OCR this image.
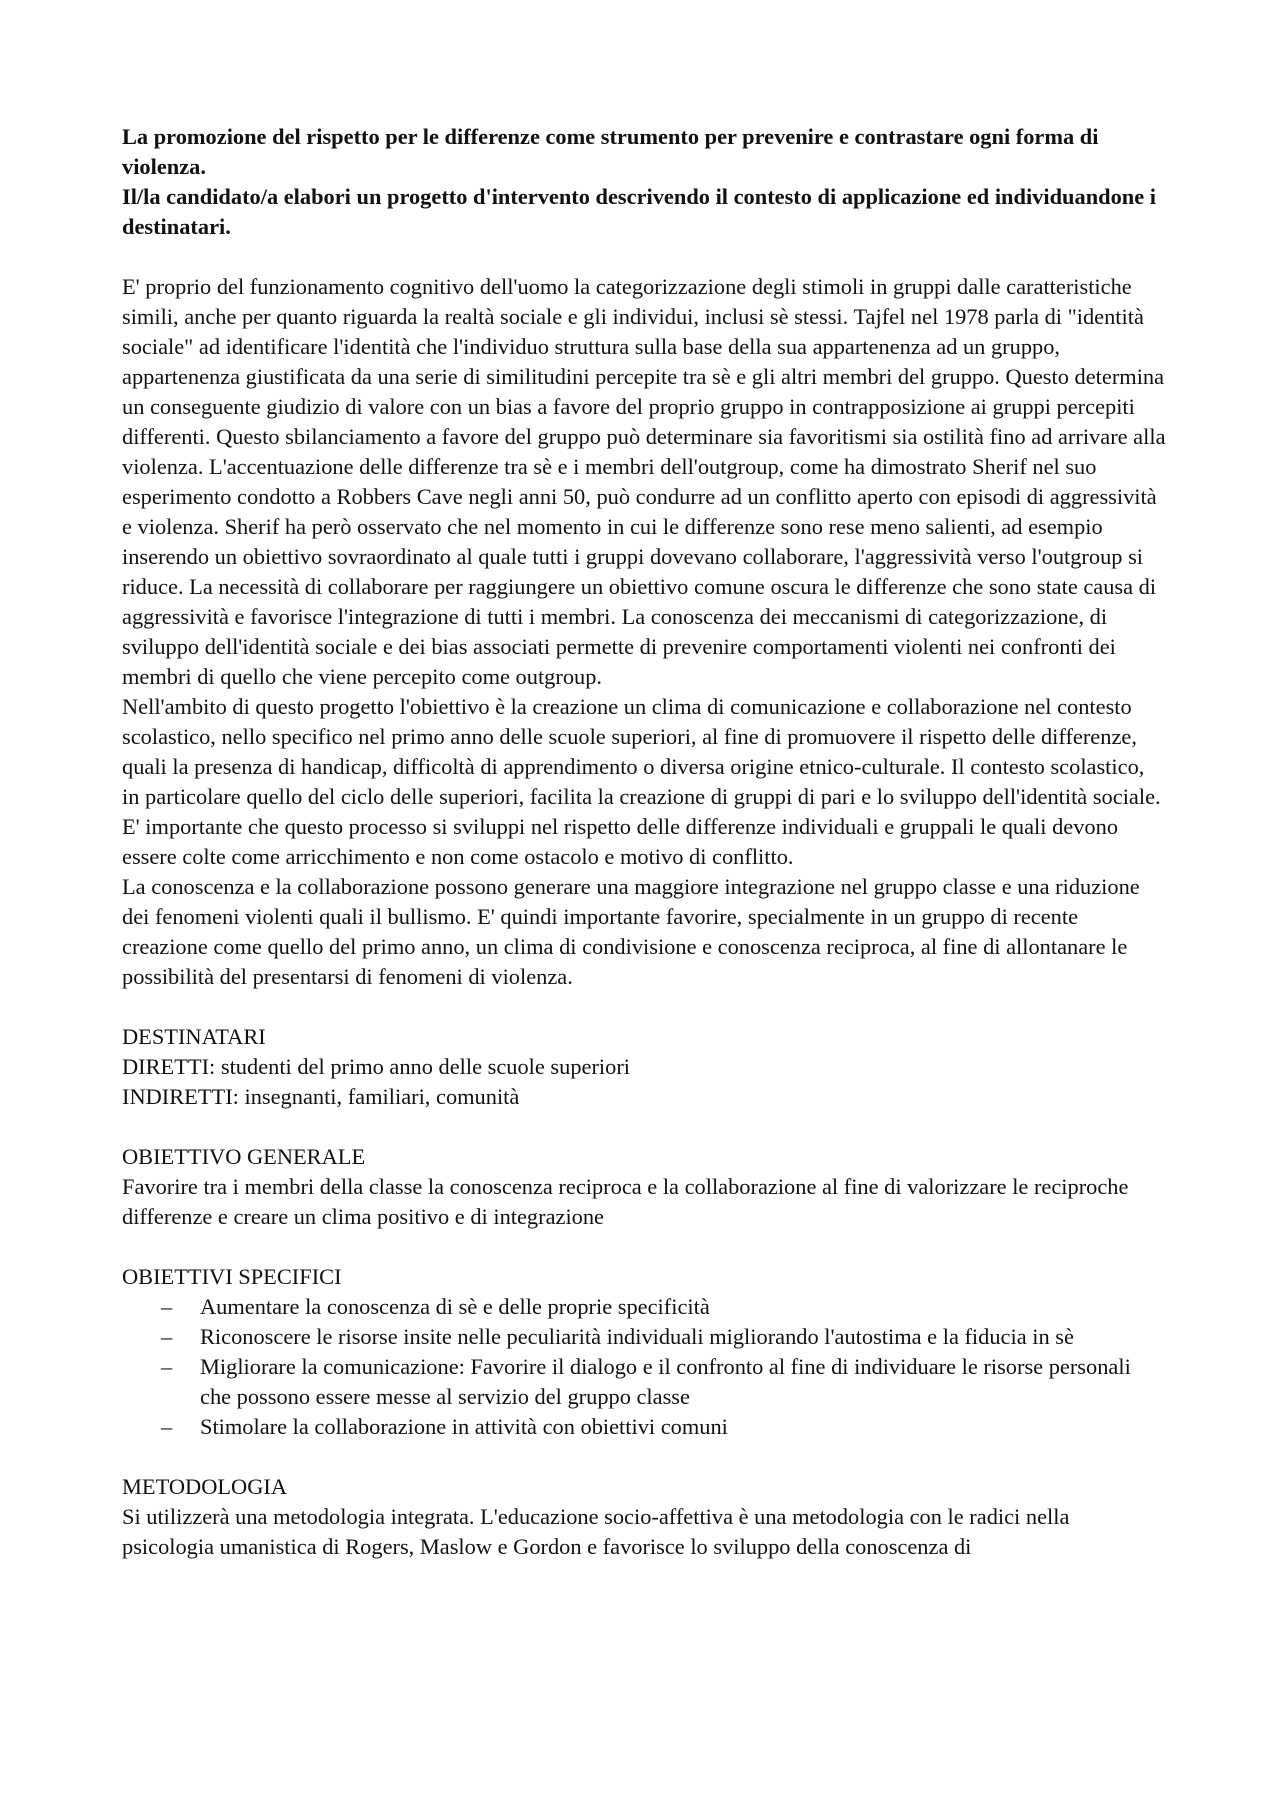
La promozione del rispetto per le differenze come strumento per prevenire e contrastare ogni forma di violenza.

Il/la candidato/a elabori un progetto d'intervento descrivendo il contesto di applicazione ed individuandone i destinatari.

E' proprio del funzionamento cognitivo dell'uomo la categorizzazione degli stimoli in gruppi dalle caratteristiche simili, anche per quanto riguarda la realtà sociale e gli individui, inclusi sè stessi. Tajfel nel 1978 parla di "identità sociale" ad identificare l'identità che l'individuo struttura sulla base della sua appartenenza ad un gruppo, appartenenza giustificata da una serie di similitudini percepite tra sè e gli altri membri del gruppo. Questo determina un conseguente giudizio di valore con un bias a favore del proprio gruppo in contrapposizione ai gruppi percepiti differenti. Questo sbilanciamento a favore del gruppo può determinare sia favoritismi sia ostilità fino ad arrivare alla violenza. L'accentuazione delle differenze tra sè e i membri dell'outgroup, come ha dimostrato Sherif nel suo esperimento condotto a Robbers Cave negli anni 50, può condurre ad un conflitto aperto con episodi di aggressività e violenza. Sherif ha però osservato che nel momento in cui le differenze sono rese meno salienti, ad esempio inserendo un obiettivo sovraordinato al quale tutti i gruppi dovevano collaborare, l'aggressività verso l'outgroup si riduce. La necessità di collaborare per raggiungere un obiettivo comune oscura le differenze che sono state causa di aggressività e favorisce l'integrazione di tutti i membri. La conoscenza dei meccanismi di categorizzazione, di sviluppo dell'identità sociale e dei bias associati permette di prevenire comportamenti violenti nei confronti dei membri di quello che viene percepito come outgroup.

Nell'ambito di questo progetto l'obiettivo è la creazione un clima di comunicazione e collaborazione nel contesto scolastico, nello specifico nel primo anno delle scuole superiori, al fine di promuovere il rispetto delle differenze, quali la presenza di handicap, difficoltà di apprendimento o diversa origine etnico-culturale. Il contesto scolastico, in particolare quello del ciclo delle superiori, facilita la creazione di gruppi di pari e lo sviluppo dell'identità sociale. E' importante che questo processo si sviluppi nel rispetto delle differenze individuali e gruppali le quali devono essere colte come arricchimento e non come ostacolo e motivo di conflitto.

La conoscenza e la collaborazione possono generare una maggiore integrazione nel gruppo classe e una riduzione dei fenomeni violenti quali il bullismo. E' quindi importante favorire, specialmente in un gruppo di recente creazione come quello del primo anno, un clima di condivisione e conoscenza reciproca, al fine di allontanare le possibilità del presentarsi di fenomeni di violenza.

DESTINATARI

DIRETTI: studenti del primo anno delle scuole superiori

INDIRETTI: insegnanti, familiari, comunità

OBIETTIVO GENERALE

Favorire tra i membri della classe la conoscenza reciproca e la collaborazione al fine di valorizzare le reciproche differenze e creare un clima positivo e di integrazione

OBIETTIVI SPECIFICI

– Aumentare la conoscenza di sè e delle proprie specificità
– Riconoscere le risorse insite nelle peculiarità individuali migliorando l'autostima e la fiducia in sè
– Migliorare la comunicazione: Favorire il dialogo e il confronto al fine di individuare le risorse personali che possono essere messe al servizio del gruppo classe
– Stimolare la collaborazione in attività con obiettivi comuni

METODOLOGIA

Si utilizzerà una metodologia integrata. L'educazione socio-affettiva è una metodologia con le radici nella psicologia umanistica di Rogers, Maslow e Gordon e favorisce lo sviluppo della conoscenza di
